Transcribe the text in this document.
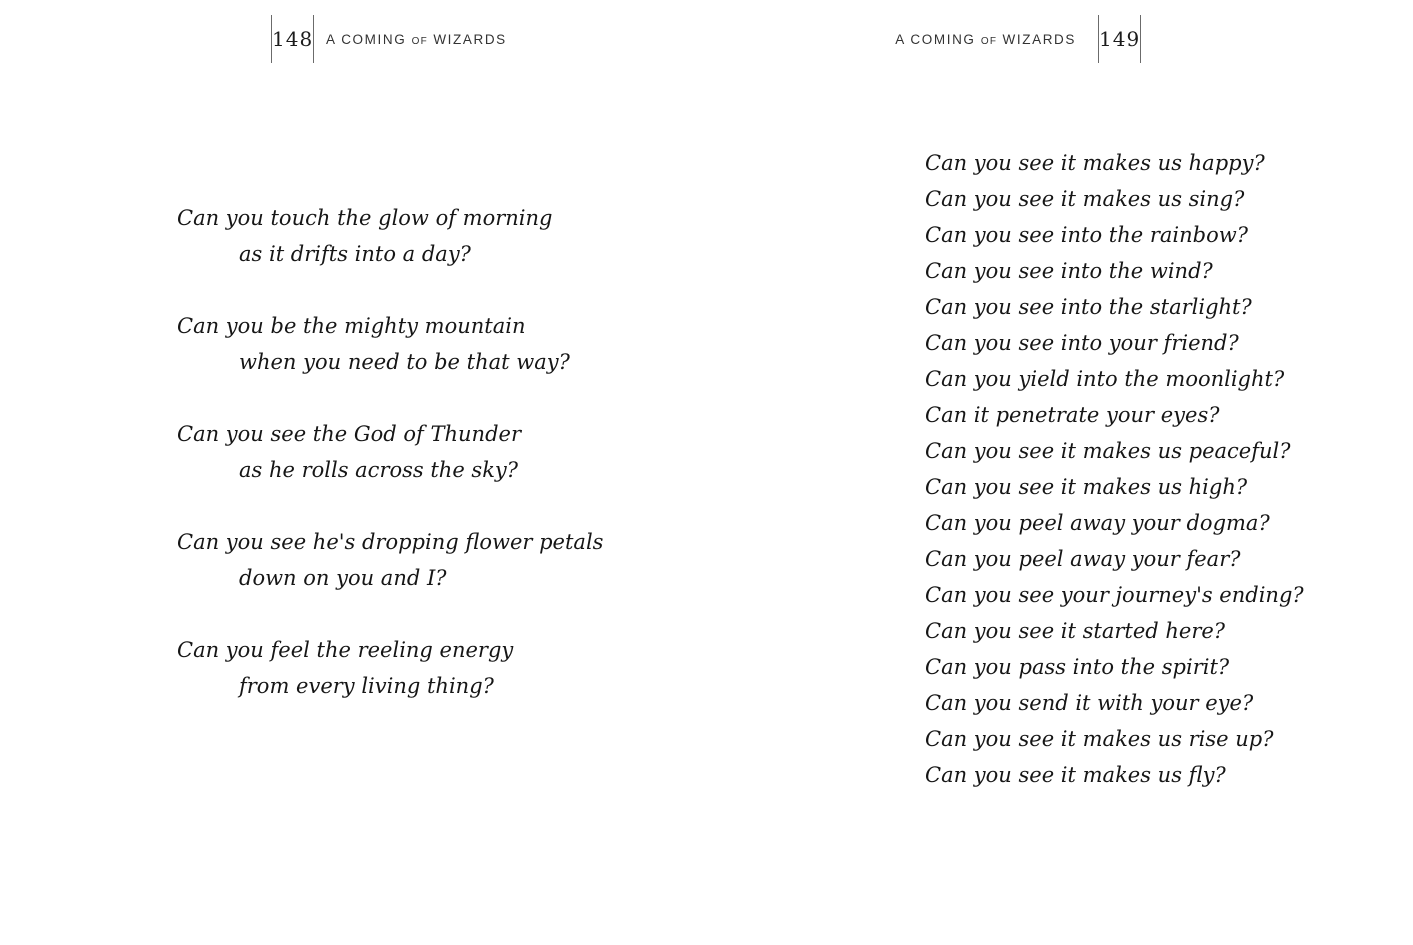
148 A COMING OF WIZARDS	A COMING OF WIZARDS 149
Can you touch the glow of morning
as it drifts into a day?
Can you be the mighty mountain
when you need to be that way?
Can you see the God of Thunder
as he rolls across the sky?
Can you see he's dropping flower petals
down on you and I?
Can you feel the reeling energy
from every living thing?
Can you see it makes us happy?
Can you see it makes us sing?
Can you see into the rainbow?
Can you see into the wind?
Can you see into the starlight?
Can you see into your friend?
Can you yield into the moonlight?
Can it penetrate your eyes?
Can you see it makes us peaceful?
Can you see it makes us high?
Can you peel away your dogma?
Can you peel away your fear?
Can you see your journey's ending?
Can you see it started here?
Can you pass into the spirit?
Can you send it with your eye?
Can you see it makes us rise up?
Can you see it makes us fly?
